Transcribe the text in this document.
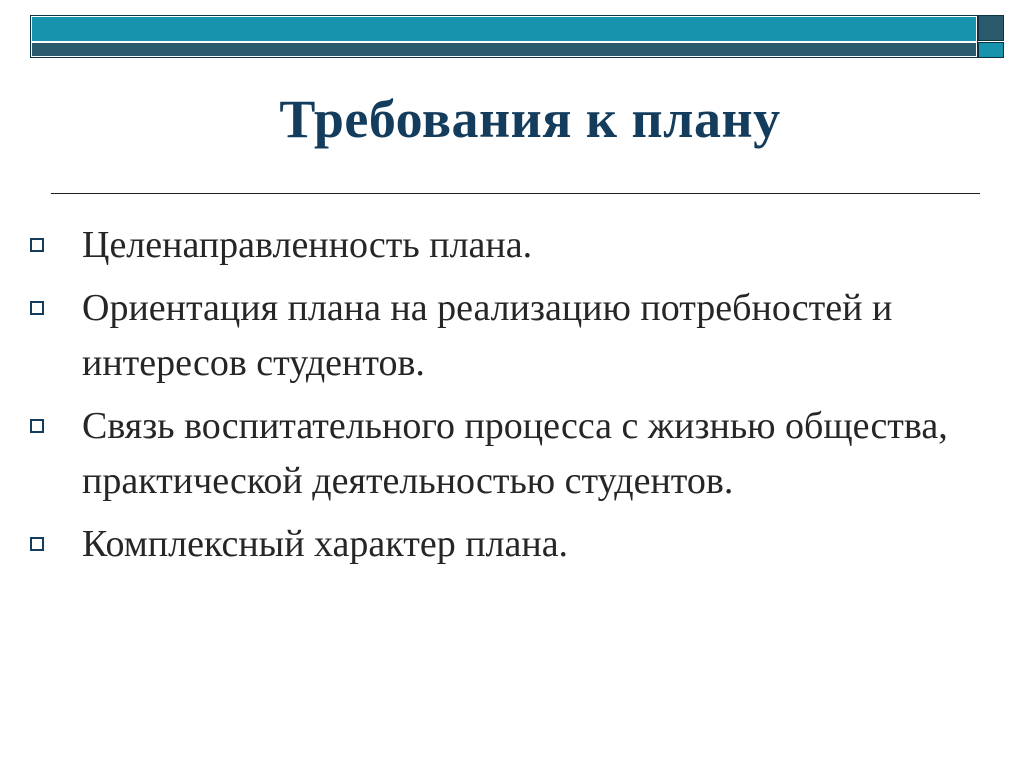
Требования к плану
Целенаправленность плана.
Ориентация плана на реализацию потребностей и интересов студентов.
Связь воспитательного процесса с жизнью общества, практической деятельностью студентов.
Комплексный характер плана.
